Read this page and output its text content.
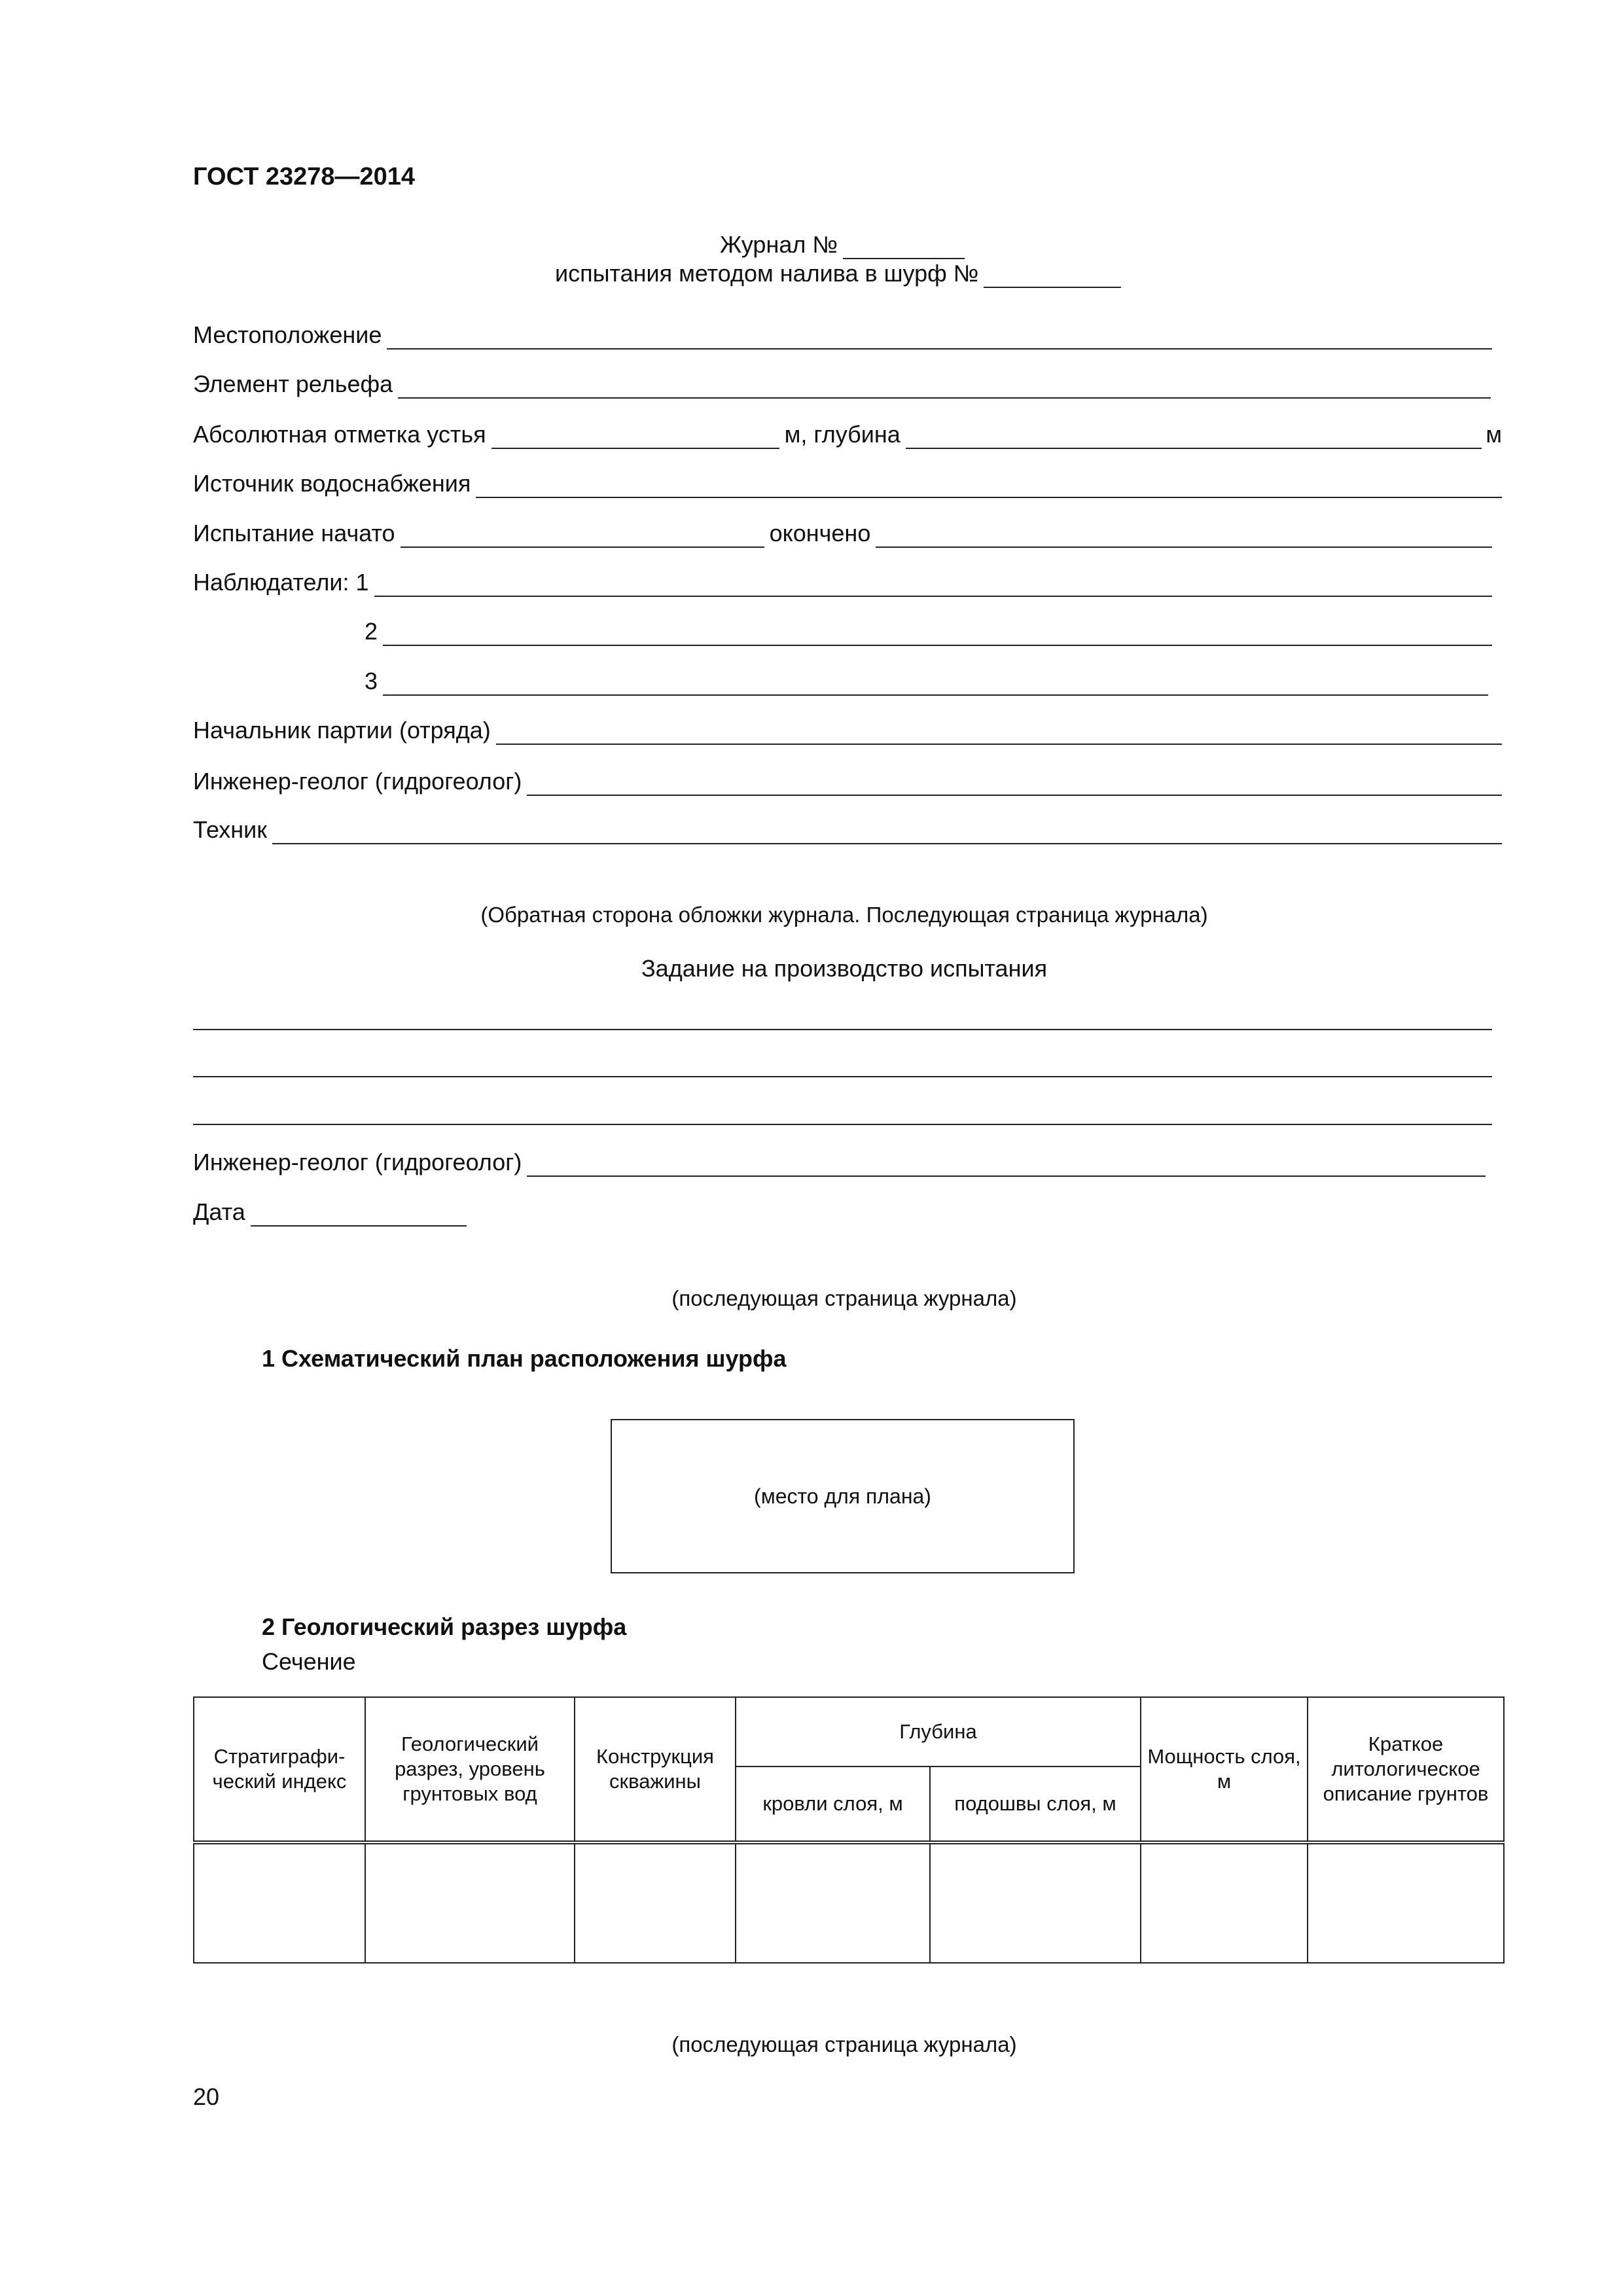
ГОСТ 23278—2014
Журнал №
испытания методом налива в шурф №
Местоположение
Элемент рельефа
Абсолютная отметка устья	м, глубина	м
Источник водоснабжения
Испытание начато	окончено
Наблюдатели: 1
2
3
Начальник партии (отряда)
Инженер-геолог (гидрогеолог)
Техник
(Обратная сторона обложки журнала. Последующая страница журнала)
Задание на производство испытания
Инженер-геолог (гидрогеолог)
Дата
(последующая страница журнала)
1 Схематический план расположения шурфа
(место для плана)
2 Геологический разрез шурфа
Сечение
Стратиграфи-ческий индекс	Геологический разрез, уровень грунтовых вод	Конструкция скважины	Глубина		Мощность слоя, м	Краткое литологическое описание грунтов
			кровли слоя, м	подошвы слоя, м		

(последующая страница журнала)
20
